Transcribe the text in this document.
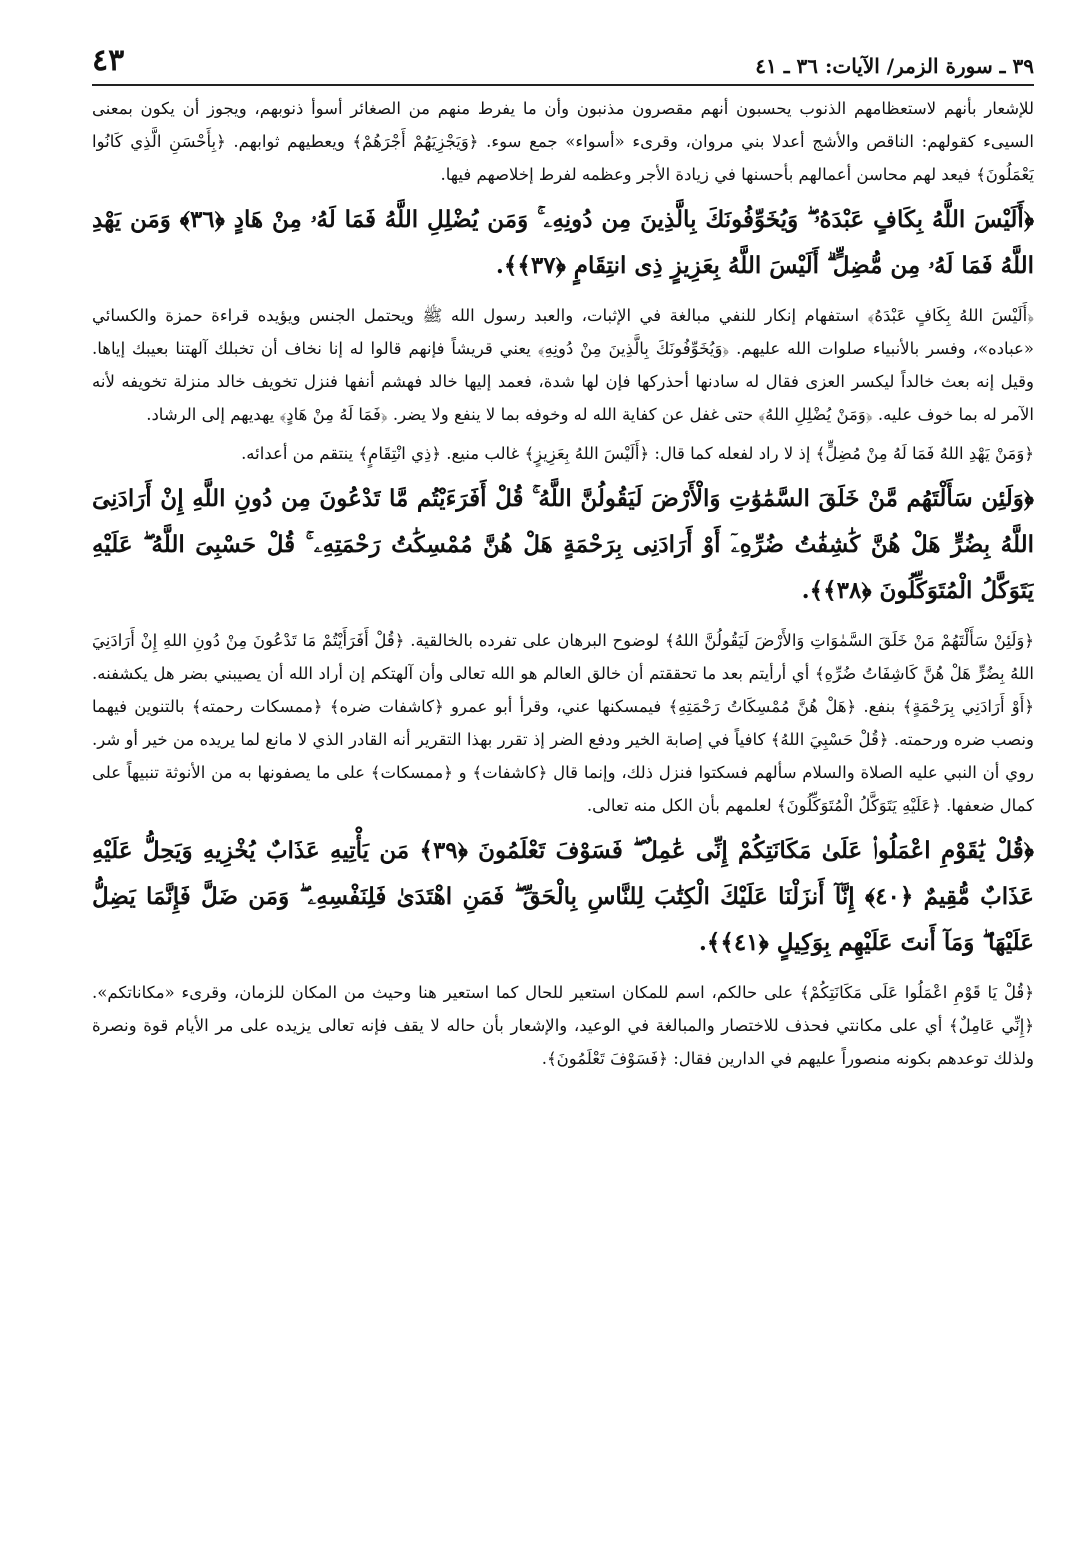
٣٩ ـ سورة الزمر/ الآيات: ٣٦ ـ ٤١
٤٣

للإشعار بأنهم لاستعظامهم الذنوب يحسبون أنهم مقصرون مذنبون وأن ما يفرط منهم من الصغائر أسوأ ذنوبهم، ويجوز أن يكون بمعنى السيىء كقولهم: الناقص والأشج أعدلا بني مروان، وقرىء «أسواء» جمع سوء. ﴿وَيَجْزِيَهُمْ أَجْرَهُمْ﴾ ويعطيهم ثوابهم. ﴿بِأَحْسَنِ الَّذِي كَانُوا يَعْمَلُونَ﴾ فيعد لهم محاسن أعمالهم بأحسنها في زيادة الأجر وعظمه لفرط إخلاصهم فيها.

﴿أَلَيْسَ اللَّهُ بِكَافٍ عَبْدَهُۥ ۖ وَيُخَوِّفُونَكَ بِالَّذِينَ مِن دُونِهِۦ ۚ وَمَن يُضْلِلِ اللَّهُ فَمَا لَهُۥ مِنْ هَادٍ ﴿٣٦﴾ وَمَن يَهْدِ اللَّهُ فَمَا لَهُۥ مِن مُّضِلٍّ ۗ أَلَيْسَ اللَّهُ بِعَزِيزٍ ذِى انتِقَامٍ ﴿٣٧﴾﴾.

﴿أَلَيْسَ اللهُ بِكَافٍ عَبْدَهُ﴾ استفهام إنكار للنفي مبالغة في الإثبات، والعبد رسول الله ﷺ ويحتمل الجنس ويؤيده قراءة حمزة والكسائي «عباده»، وفسر بالأنبياء صلوات الله عليهم. ﴿وَيُخَوِّفُونَكَ بِالَّذِينَ مِنْ دُونِهِ﴾ يعني قريشاً فإنهم قالوا له إنا نخاف أن تخبلك آلهتنا بعيبك إياها. وقيل إنه بعث خالداً ليكسر العزى فقال له سادنها أحذركها فإن لها شدة، فعمد إليها خالد فهشم أنفها فنزل تخويف خالد منزلة تخويفه لأنه الآمر له بما خوف عليه. ﴿وَمَنْ يُضْلِلِ اللهُ﴾ حتى غفل عن كفاية الله له وخوفه بما لا ينفع ولا يضر. ﴿فَمَا لَهُ مِنْ هَادٍ﴾ يهديهم إلى الرشاد.

﴿وَمَنْ يَهْدِ اللهُ فَمَا لَهُ مِنْ مُضِلٍّ﴾ إذ لا راد لفعله كما قال: ﴿أَلَيْسَ اللهُ بِعَزِيزٍ﴾ غالب منيع. ﴿ذِي انْتِقَامٍ﴾ ينتقم من أعدائه.

﴿وَلَئِن سَأَلْتَهُم مَّنْ خَلَقَ السَّمَٰوَٰتِ وَالْأَرْضَ لَيَقُولُنَّ اللَّهُ ۚ قُلْ أَفَرَءَيْتُم مَّا تَدْعُونَ مِن دُونِ اللَّهِ إِنْ أَرَادَنِىَ اللَّهُ بِضُرٍّ هَلْ هُنَّ كَٰشِفَٰتُ ضُرِّهِۦٓ أَوْ أَرَادَنِى بِرَحْمَةٍ هَلْ هُنَّ مُمْسِكَٰتُ رَحْمَتِهِۦ ۚ قُلْ حَسْبِىَ اللَّهُ ۖ عَلَيْهِ يَتَوَكَّلُ الْمُتَوَكِّلُونَ ﴿٣٨﴾﴾.

﴿وَلَئِنْ سَأَلْتَهُمْ مَنْ خَلَقَ السَّمٰوَاتِ وَالأَرْضَ لَيَقُولُنَّ اللهُ﴾ لوضوح البرهان على تفرده بالخالقية. ﴿قُلْ أَفَرَأَيْتُمْ مَا تَدْعُونَ مِنْ دُونِ اللهِ إِنْ أَرَادَنِيَ اللهُ بِضُرٍّ هَلْ هُنَّ كَاشِفَاتُ ضُرِّهِ﴾ أي أرأيتم بعد ما تحققتم أن خالق العالم هو الله تعالى وأن آلهتكم إن أراد الله أن يصيبني بضر هل يكشفنه. ﴿أَوْ أَرَادَنِي بِرَحْمَةٍ﴾ بنفع. ﴿هَلْ هُنَّ مُمْسِكَاتُ رَحْمَتِهِ﴾ فيمسكنها عني، وقرأ أبو عمرو ﴿كاشفات ضره﴾ ﴿ممسكات رحمته﴾ بالتنوين فيهما ونصب ضره ورحمته. ﴿قُلْ حَسْبِيَ اللهُ﴾ كافياً في إصابة الخير ودفع الضر إذ تقرر بهذا التقرير أنه القادر الذي لا مانع لما يريده من خير أو شر. روي أن النبي عليه الصلاة والسلام سألهم فسكتوا فنزل ذلك، وإنما قال ﴿كاشفات﴾ و ﴿ممسكات﴾ على ما يصفونها به من الأنوثة تنبيهاً على كمال ضعفها. ﴿عَلَيْهِ يَتَوَكَّلُ الْمُتَوَكِّلُونَ﴾ لعلمهم بأن الكل منه تعالى.

﴿قُلْ يَٰقَوْمِ اعْمَلُوا۟ عَلَىٰ مَكَانَتِكُمْ إِنِّى عَٰمِلٌ ۖ فَسَوْفَ تَعْلَمُونَ ﴿٣٩﴾ مَن يَأْتِيهِ عَذَابٌ يُخْزِيهِ وَيَحِلُّ عَلَيْهِ عَذَابٌ مُّقِيمٌ ﴿٤٠﴾ إِنَّآ أَنزَلْنَا عَلَيْكَ الْكِتَٰبَ لِلنَّاسِ بِالْحَقِّ ۖ فَمَنِ اهْتَدَىٰ فَلِنَفْسِهِۦ ۖ وَمَن ضَلَّ فَإِنَّمَا يَضِلُّ عَلَيْهَا ۖ وَمَآ أَنتَ عَلَيْهِم بِوَكِيلٍ ﴿٤١﴾﴾.

﴿قُلْ يَا قَوْمِ اعْمَلُوا عَلَى مَكَانَتِكُمْ﴾ على حالكم، اسم للمكان استعير للحال كما استعير هنا وحيث من المكان للزمان، وقرىء «مكاناتكم». ﴿إِنِّي عَامِلٌ﴾ أي على مكانتي فحذف للاختصار والمبالغة في الوعيد، والإشعار بأن حاله لا يقف فإنه تعالى يزيده على مر الأيام قوة ونصرة ولذلك توعدهم بكونه منصوراً عليهم في الدارين فقال: ﴿فَسَوْفَ تَعْلَمُونَ﴾.
